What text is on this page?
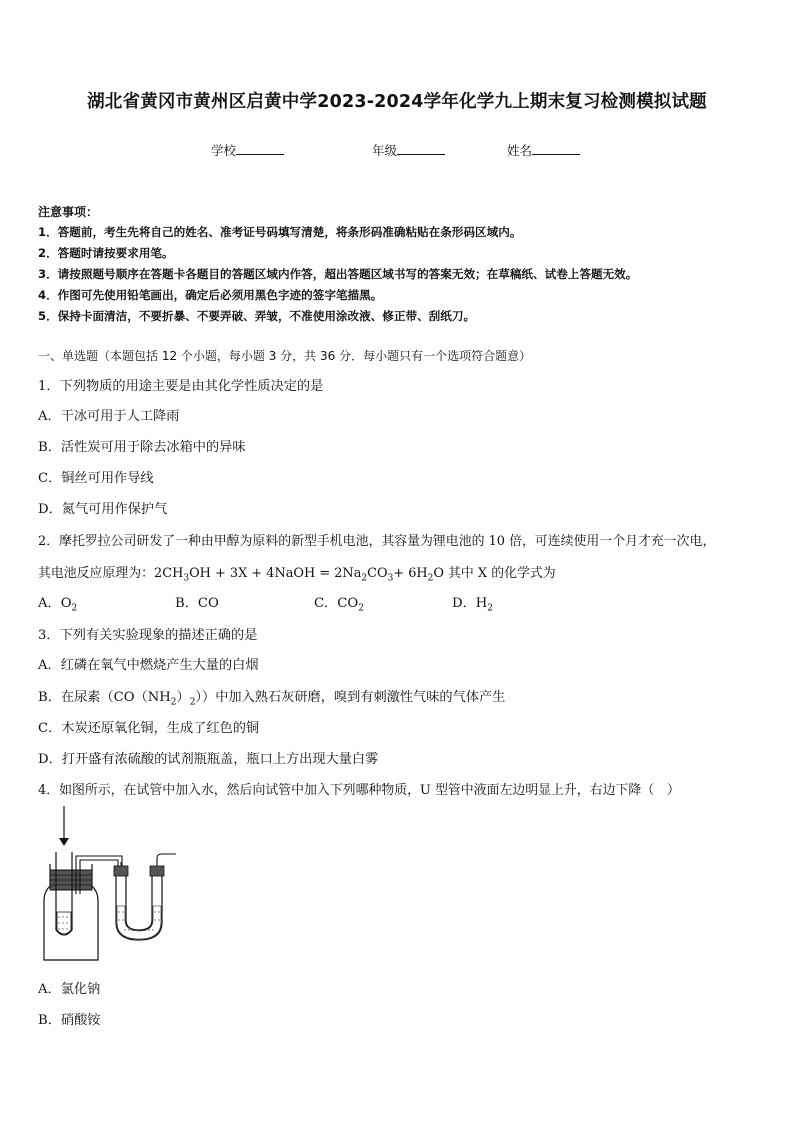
湖北省黄冈市黄州区启黄中学2023-2024学年化学九上期末复习检测模拟试题
学校	年级	姓名
注意事项：
1．答题前，考生先将自己的姓名、准考证号码填写清楚，将条形码准确粘贴在条形码区域内。
2．答题时请按要求用笔。
3．请按照题号顺序在答题卡各题目的答题区域内作答，超出答题区域书写的答案无效；在草稿纸、试卷上答题无效。
4．作图可先使用铅笔画出，确定后必须用黑色字迹的签字笔描黑。
5．保持卡面清洁，不要折暴、不要弄破、弄皱，不准使用涂改液、修正带、刮纸刀。
一、单选题（本题包括 12 个小题，每小题 3 分，共 36 分．每小题只有一个选项符合题意）
1．下列物质的用途主要是由其化学性质决定的是
A．干冰可用于人工降雨
B．活性炭可用于除去冰箱中的异味
C．铜丝可用作导线
D．氮气可用作保护气
2．摩托罗拉公司研发了一种由甲醇为原料的新型手机电池，其容量为锂电池的 10 倍，可连续使用一个月才充一次电，
其电池反应原理为：$2CH_3OH + 3X$ + 4NaOH = $2Na_2CO_3+ 6H_2O$ 其中 X 的化学式为
A．$O_2$	B．CO	C．$CO_2$	D．$H_2$
3．下列有关实验现象的描述正确的是
A．红磷在氧气中燃烧产生大量的白烟
B．在尿素$(CO(NH_2)_2)$）中加入熟石灰研磨，嗅到有刺激性气味的气体产生
C．木炭还原氧化铜，生成了红色的铜
D．打开盛有浓硫酸的试剂瓶瓶盖，瓶口上方出现大量白雾
4．如图所示，在试管中加入水，然后向试管中加入下列哪种物质，U 型管中液面左边明显上升，右边下降（　）
A．氯化钠
B．硝酸铵
